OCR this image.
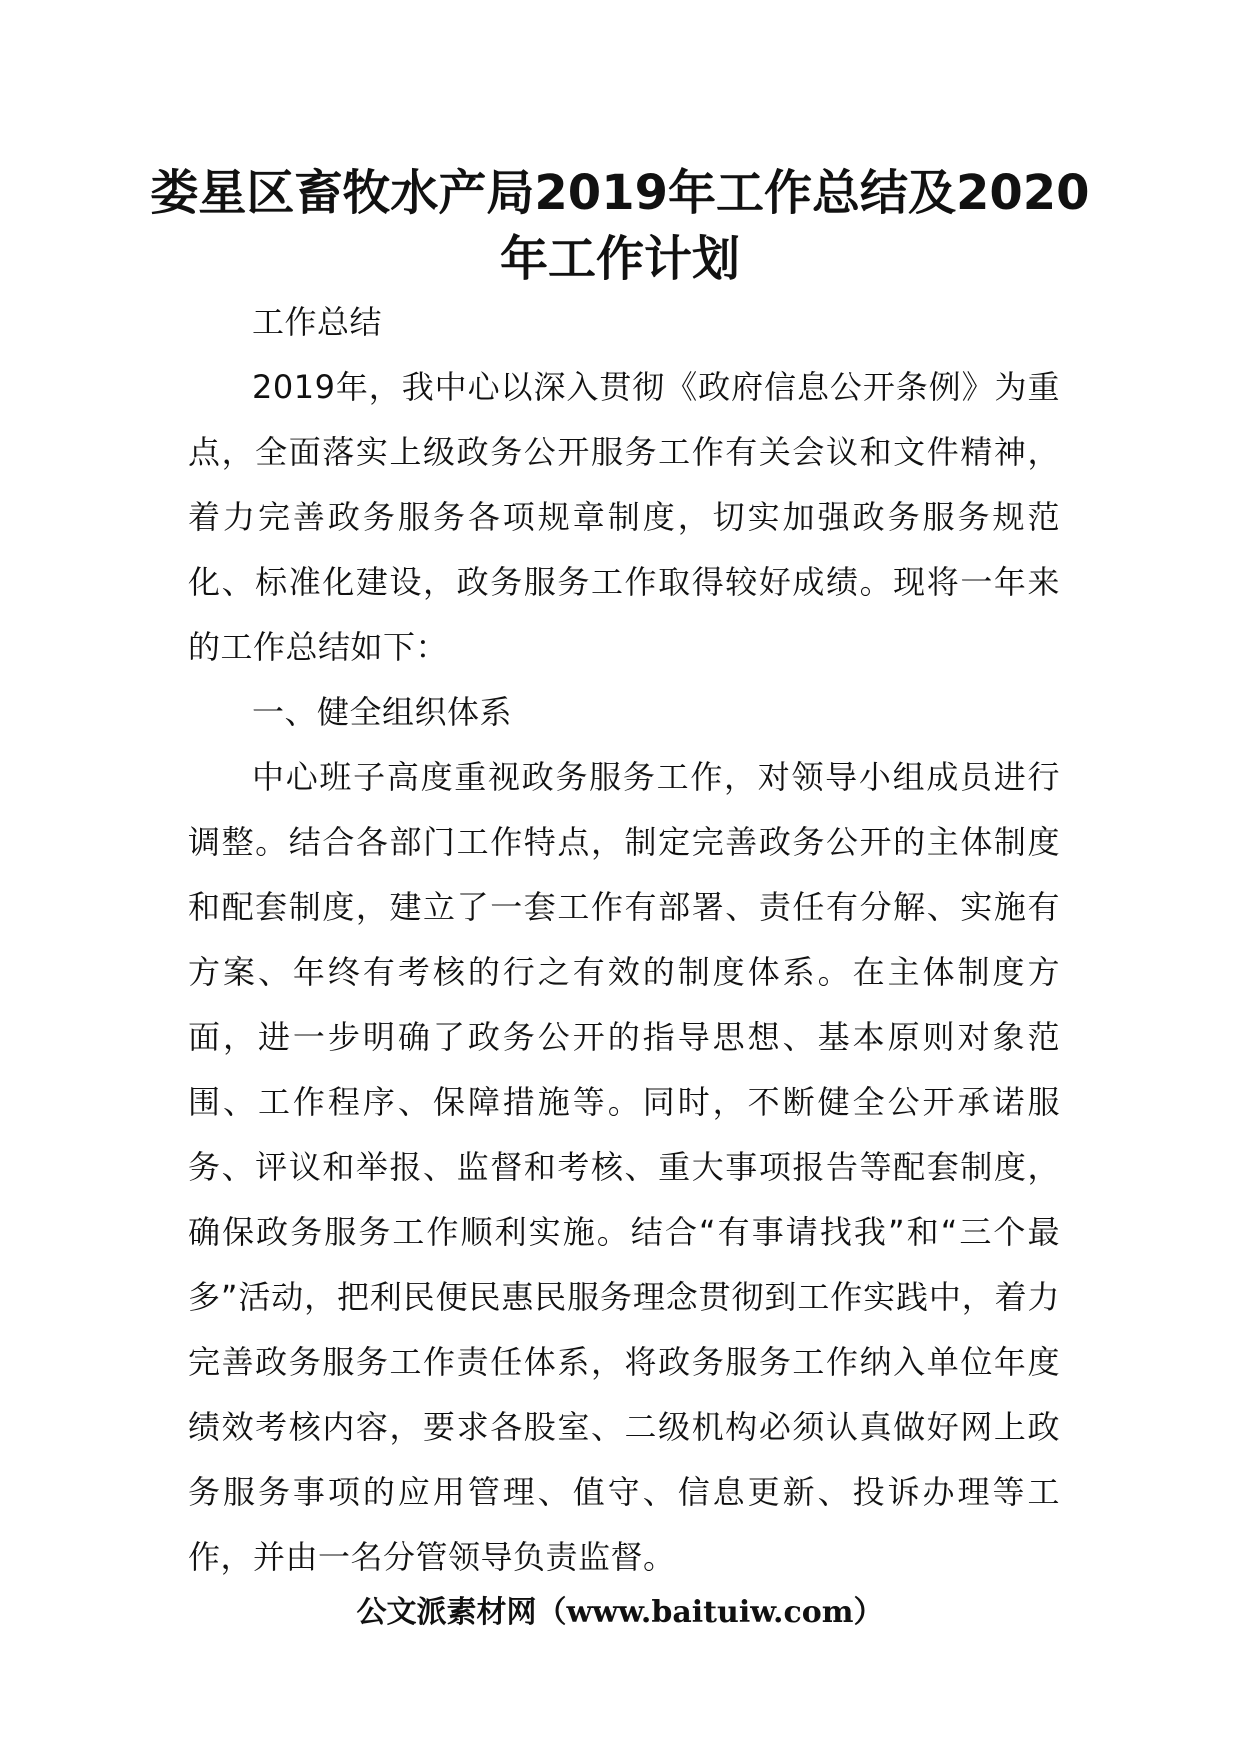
娄星区畜牧水产局2019年工作总结及2020
年工作计划

工作总结

2019年，我中心以深入贯彻《政府信息公开条例》为重点，全面落实上级政务公开服务工作有关会议和文件精神，着力完善政务服务各项规章制度，切实加强政务服务规范化、标准化建设，政务服务工作取得较好成绩。现将一年来的工作总结如下：

一、健全组织体系

中心班子高度重视政务服务工作，对领导小组成员进行调整。结合各部门工作特点，制定完善政务公开的主体制度和配套制度，建立了一套工作有部署、责任有分解、实施有方案、年终有考核的行之有效的制度体系。在主体制度方面，进一步明确了政务公开的指导思想、基本原则对象范围、工作程序、保障措施等。同时，不断健全公开承诺服务、评议和举报、监督和考核、重大事项报告等配套制度，确保政务服务工作顺利实施。结合“有事请找我”和“三个最多”活动，把利民便民惠民服务理念贯彻到工作实践中，着力完善政务服务工作责任体系，将政务服务工作纳入单位年度绩效考核内容，要求各股室、二级机构必须认真做好网上政务服务事项的应用管理、值守、信息更新、投诉办理等工作，并由一名分管领导负责监督。

公文派素材网（www.baituiw.com）
